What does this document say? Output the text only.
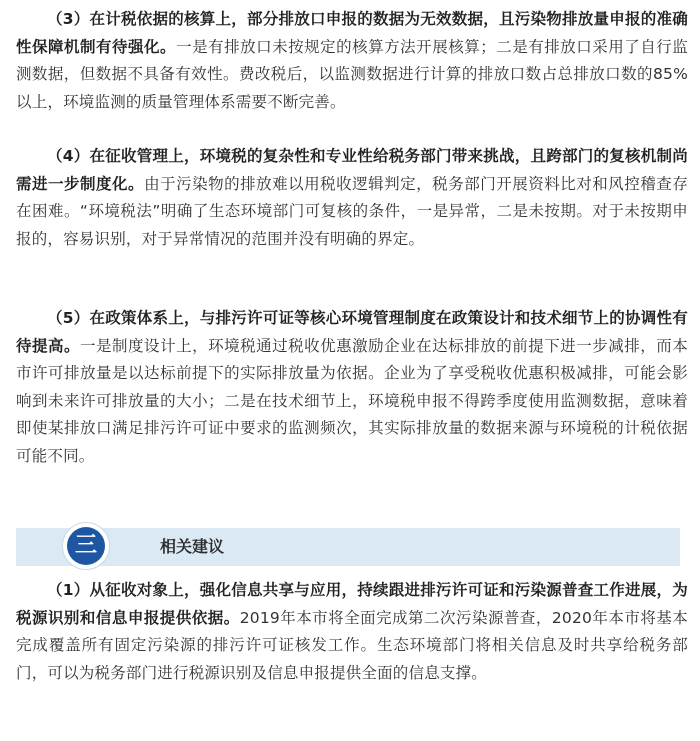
（3）在计税依据的核算上，部分排放口申报的数据为无效数据，且污染物排放量申报的准确性保障机制有待强化。一是有排放口未按规定的核算方法开展核算；二是有排放口采用了自行监测数据，但数据不具备有效性。费改税后，以监测数据进行计算的排放口数占总排放口数的85%以上，环境监测的质量管理体系需要不断完善。

（4）在征收管理上，环境税的复杂性和专业性给税务部门带来挑战，且跨部门的复核机制尚需进一步制度化。由于污染物的排放难以用税收逻辑判定，税务部门开展资料比对和风控稽查存在困难。“环境税法”明确了生态环境部门可复核的条件，一是异常，二是未按期。对于未按期申报的，容易识别，对于异常情况的范围并没有明确的界定。

（5）在政策体系上，与排污许可证等核心环境管理制度在政策设计和技术细节上的协调性有待提高。一是制度设计上，环境税通过税收优惠激励企业在达标排放的前提下进一步减排，而本市许可排放量是以达标前提下的实际排放量为依据。企业为了享受税收优惠积极减排，可能会影响到未来许可排放量的大小；二是在技术细节上，环境税申报不得跨季度使用监测数据，意味着即使某排放口满足排污许可证中要求的监测频次，其实际排放量的数据来源与环境税的计税依据可能不同。

三	相关建议

（1）从征收对象上，强化信息共享与应用，持续跟进排污许可证和污染源普查工作进展，为税源识别和信息申报提供依据。2019年本市将全面完成第二次污染源普查，2020年本市将基本完成覆盖所有固定污染源的排污许可证核发工作。生态环境部门将相关信息及时共享给税务部门，可以为税务部门进行税源识别及信息申报提供全面的信息支撑。
